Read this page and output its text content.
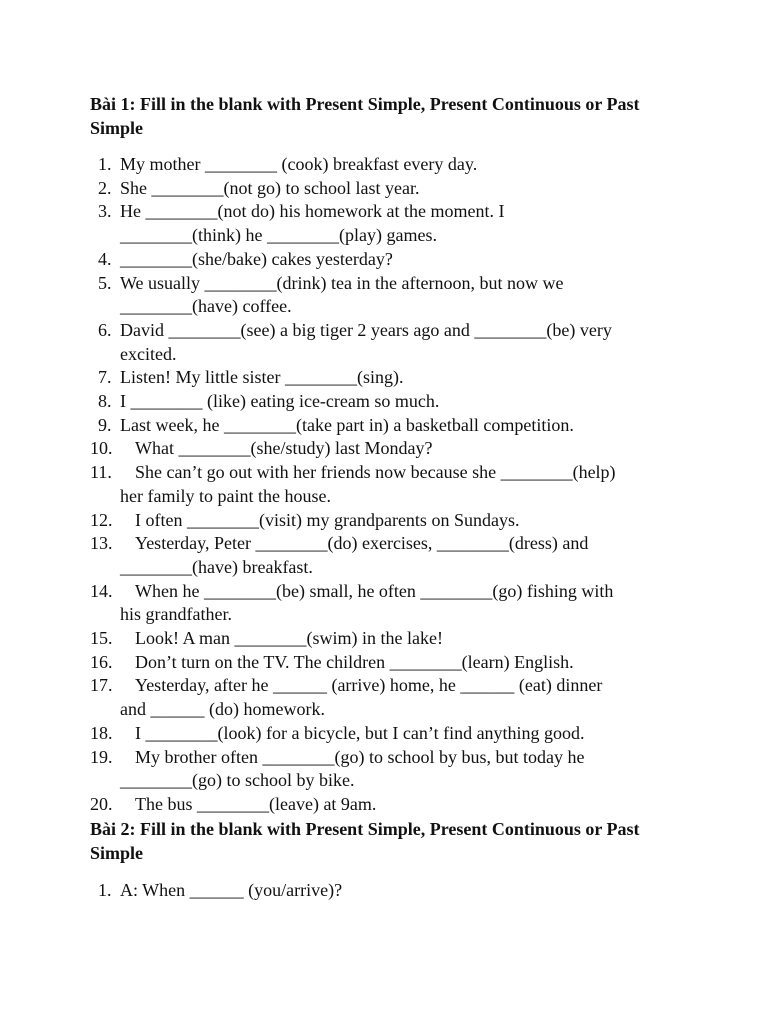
Bài 1: Fill in the blank with Present Simple, Present Continuous or Past Simple

1. My mother ________ (cook) breakfast every day.
2. She ________(not go) to school last year.
3. He ________(not do) his homework at the moment. I
________(think) he ________(play) games.
4. ________(she/bake) cakes yesterday?
5. We usually ________(drink) tea in the afternoon, but now we
________(have) coffee.
6. David ________(see) a big tiger 2 years ago and ________(be) very
excited.
7. Listen! My little sister ________(sing).
8. I ________ (like) eating ice-cream so much.
9. Last week, he ________(take part in) a basketball competition.
10.	What ________(she/study) last Monday?
11.	She can’t go out with her friends now because she ________(help)
her family to paint the house.
12.	I often ________(visit) my grandparents on Sundays.
13.	Yesterday, Peter ________(do) exercises, ________(dress) and
________(have) breakfast.
14.	When he ________(be) small, he often ________(go) fishing with
his grandfather.
15.	Look! A man ________(swim) in the lake!
16.	Don’t turn on the TV. The children ________(learn) English.
17.	Yesterday, after he ______ (arrive) home, he ______ (eat) dinner
and ______ (do) homework.
18.	I ________(look) for a bicycle, but I can’t find anything good.
19.	My brother often ________(go) to school by bus, but today he
________(go) to school by bike.
20.	The bus ________(leave) at 9am.

Bài 2: Fill in the blank with Present Simple, Present Continuous or Past Simple

1. A: When ______ (you/arrive)?
